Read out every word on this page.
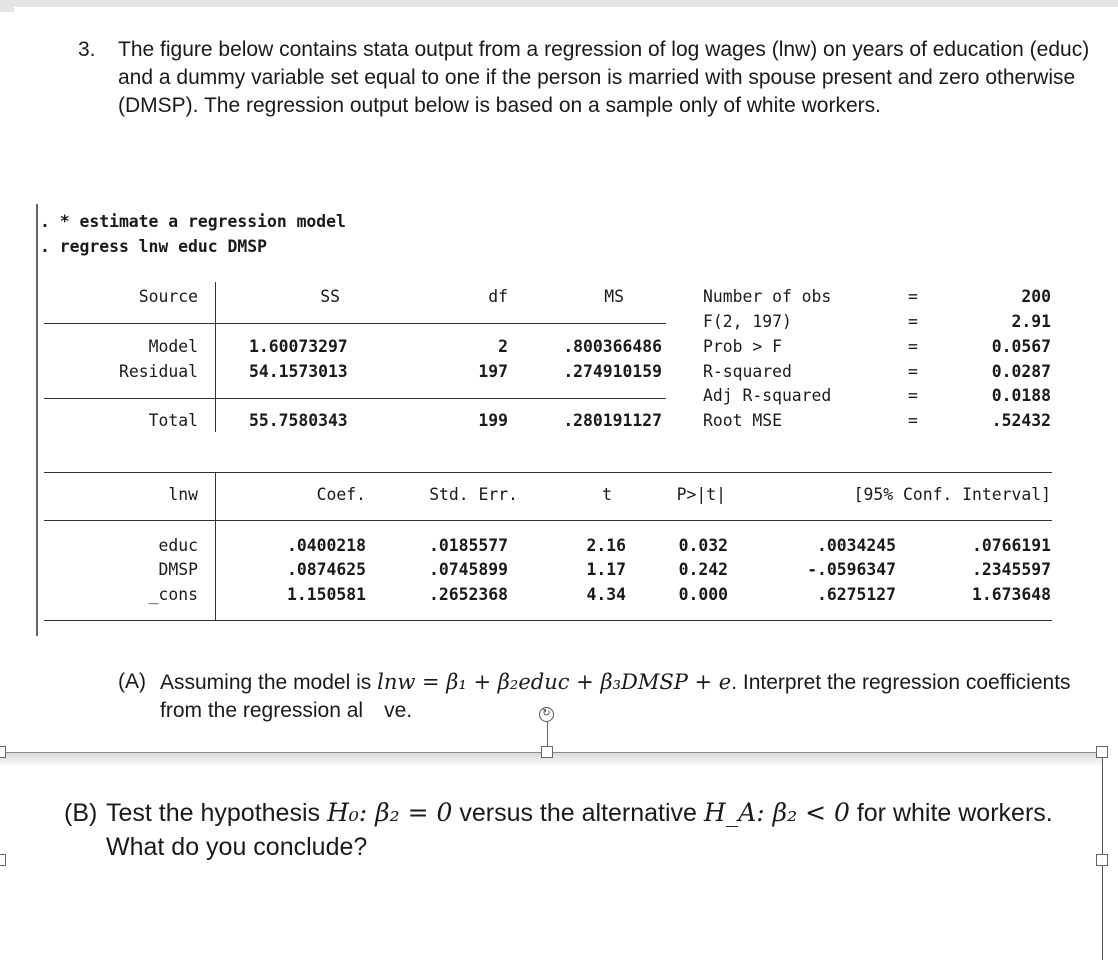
3. The figure below contains stata output from a regression of log wages (lnw) on years of education (educ) and a dummy variable set equal to one if the person is married with spouse present and zero otherwise (DMSP). The regression output below is based on a sample only of white workers.
. * estimate a regression model
. regress lnw educ DMSP
Source	SS	df	MS
Model	1.60073297	2	.800366486
Residual	54.1573013	197	.274910159
Total	55.7580343	199	.280191127
Number of obs	=	200
F(2, 197)	=	2.91
Prob > F	=	0.0567
R-squared	=	0.0287
Adj R-squared	=	0.0188
Root MSE	=	.52432
lnw	Coef.	Std. Err.	t	P>|t|	[95% Conf. Interval]
educ	.0400218	.0185577	2.16	0.032	.0034245	.0766191
DMSP	.0874625	.0745899	1.17	0.242	-.0596347	.2345597
_cons	1.150581	.2652368	4.34	0.000	.6275127	1.673648
(A) Assuming the model is lnw = β₁ + β₂educ + β₃DMSP + e. Interpret the regression coefficients from the regression al ve.	↻
(B) Test the hypothesis H₀: β₂ = 0 versus the alternative H_A: β₂ < 0 for white workers. What do you conclude?
